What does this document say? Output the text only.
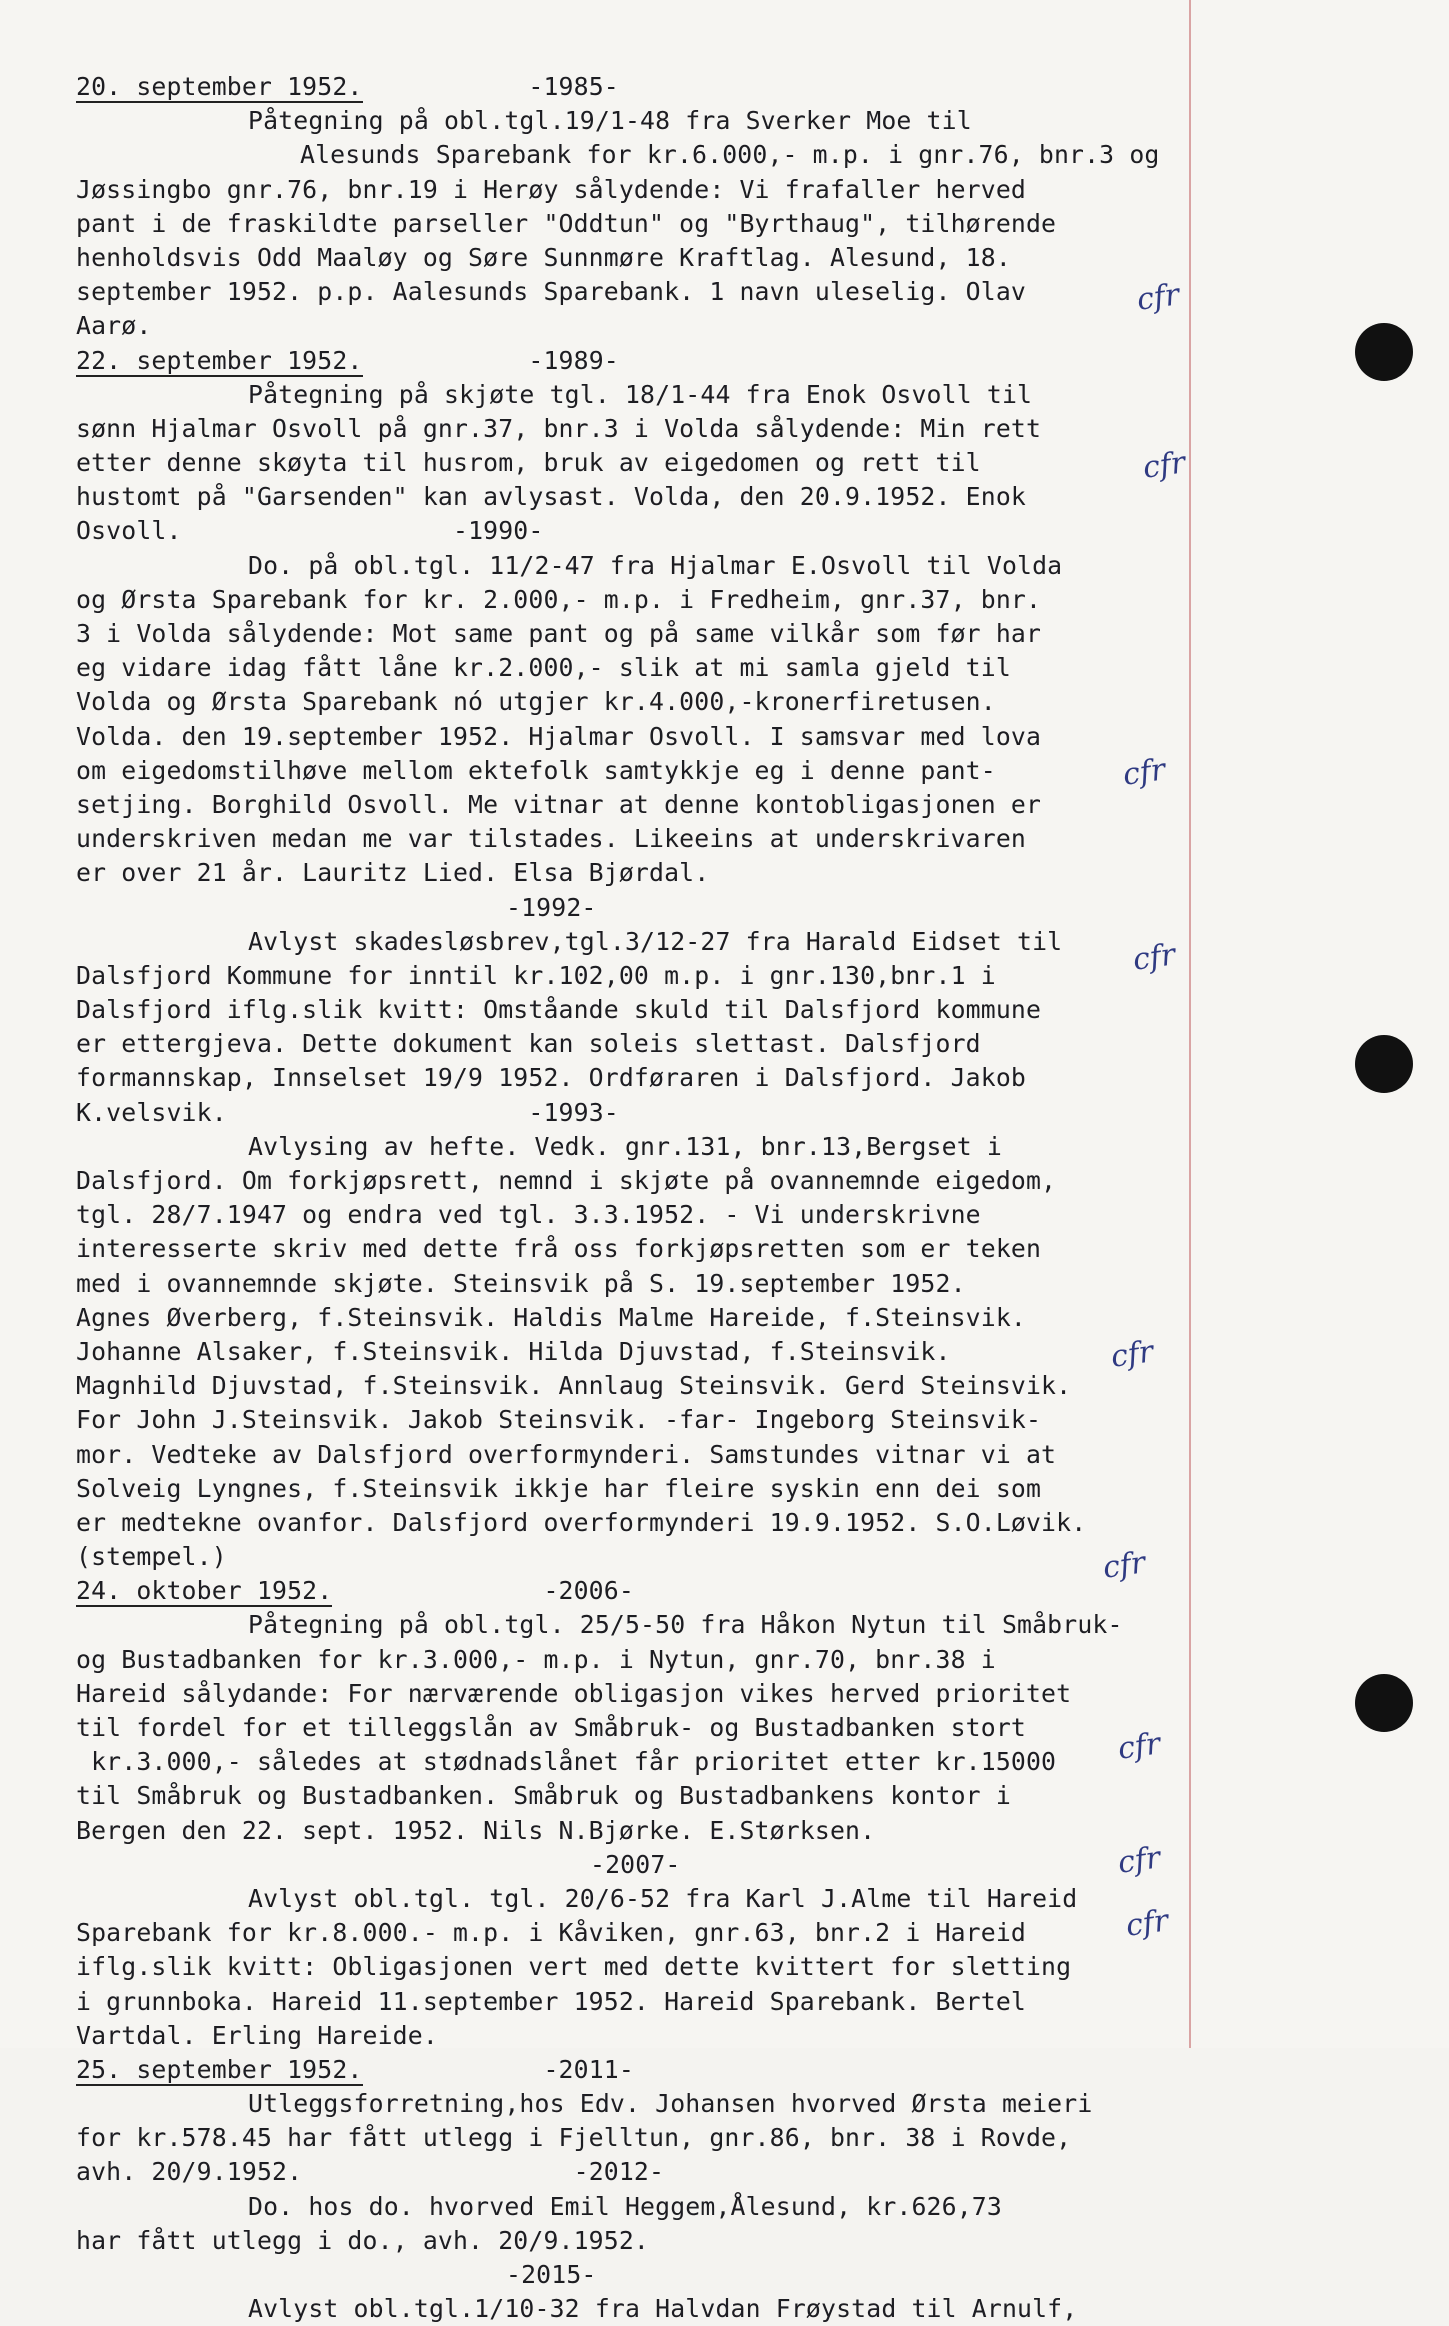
20. september 1952.           -1985-
Påtegning på obl.tgl.19/1-48 fra Sverker Moe til
Alesunds Sparebank for kr.6.000,- m.p. i gnr.76, bnr.3 og
Jøssingbo gnr.76, bnr.19 i Herøy sålydende: Vi frafaller herved
pant i de fraskildte parseller "Oddtun" og "Byrthaug", tilhørende
henholdsvis Odd Maaløy og Søre Sunnmøre Kraftlag. Alesund, 18.
september 1952. p.p. Aalesunds Sparebank. 1 navn uleselig. Olav
Aarø.
22. september 1952.           -1989-
Påtegning på skjøte tgl. 18/1-44 fra Enok Osvoll til
sønn Hjalmar Osvoll på gnr.37, bnr.3 i Volda sålydende: Min rett
etter denne skøyta til husrom, bruk av eigedomen og rett til
hustomt på "Garsenden" kan avlysast. Volda, den 20.9.1952. Enok
Osvoll.                  -1990-
Do. på obl.tgl. 11/2-47 fra Hjalmar E.Osvoll til Volda
og Ørsta Sparebank for kr. 2.000,- m.p. i Fredheim, gnr.37, bnr.
3 i Volda sålydende: Mot same pant og på same vilkår som før har
eg vidare idag fått låne kr.2.000,- slik at mi samla gjeld til
Volda og Ørsta Sparebank nó utgjer kr.4.000,-kronerfiretusen.
Volda. den 19.september 1952. Hjalmar Osvoll. I samsvar med lova
om eigedomstilhøve mellom ektefolk samtykkje eg i denne pant-
setjing. Borghild Osvoll. Me vitnar at denne kontobligasjonen er
underskriven medan me var tilstades. Likeeins at underskrivaren
er over 21 år. Lauritz Lied. Elsa Bjørdal.
-1992-
Avlyst skadesløsbrev,tgl.3/12-27 fra Harald Eidset til
Dalsfjord Kommune for inntil kr.102,00 m.p. i gnr.130,bnr.1 i
Dalsfjord iflg.slik kvitt: Omståande skuld til Dalsfjord kommune
er ettergjeva. Dette dokument kan soleis slettast. Dalsfjord
formannskap, Innselset 19/9 1952. Ordføraren i Dalsfjord. Jakob
K.velsvik.                    -1993-
Avlysing av hefte. Vedk. gnr.131, bnr.13,Bergset i
Dalsfjord. Om forkjøpsrett, nemnd i skjøte på ovannemnde eigedom,
tgl. 28/7.1947 og endra ved tgl. 3.3.1952. - Vi underskrivne
interesserte skriv med dette frå oss forkjøpsretten som er teken
med i ovannemnde skjøte. Steinsvik på S. 19.september 1952.
Agnes Øverberg, f.Steinsvik. Haldis Malme Hareide, f.Steinsvik.
Johanne Alsaker, f.Steinsvik. Hilda Djuvstad, f.Steinsvik.
Magnhild Djuvstad, f.Steinsvik. Annlaug Steinsvik. Gerd Steinsvik.
For John J.Steinsvik. Jakob Steinsvik. -far- Ingeborg Steinsvik-
mor. Vedteke av Dalsfjord overformynderi. Samstundes vitnar vi at
Solveig Lyngnes, f.Steinsvik ikkje har fleire syskin enn dei som
er medtekne ovanfor. Dalsfjord overformynderi 19.9.1952. S.O.Løvik.
(stempel.)
24. oktober 1952.              -2006-
Påtegning på obl.tgl. 25/5-50 fra Håkon Nytun til Småbruk-
og Bustadbanken for kr.3.000,- m.p. i Nytun, gnr.70, bnr.38 i
Hareid sålydande: For nærværende obligasjon vikes herved prioritet
til fordel for et tilleggslån av Småbruk- og Bustadbanken stort
kr.3.000,- således at stødnadslånet får prioritet etter kr.15000
til Småbruk og Bustadbanken. Småbruk og Bustadbankens kontor i
Bergen den 22. sept. 1952. Nils N.Bjørke. E.Størksen.
-2007-
Avlyst obl.tgl. tgl. 20/6-52 fra Karl J.Alme til Hareid
Sparebank for kr.8.000.- m.p. i Kåviken, gnr.63, bnr.2 i Hareid
iflg.slik kvitt: Obligasjonen vert med dette kvittert for sletting
i grunnboka. Hareid 11.september 1952. Hareid Sparebank. Bertel
Vartdal. Erling Hareide.
25. september 1952.            -2011-
Utleggsforretning,hos Edv. Johansen hvorved Ørsta meieri
for kr.578.45 har fått utlegg i Fjelltun, gnr.86, bnr. 38 i Rovde,
avh. 20/9.1952.                  -2012-
Do. hos do. hvorved Emil Heggem,Ålesund, kr.626,73
har fått utlegg i do., avh. 20/9.1952.
-2015-
Avlyst obl.tgl.1/10-32 fra Halvdan Frøystad til Arnulf,
cfr
cfr
cfr
cfr
cfr
cfr
cfr
cfr
cfr
